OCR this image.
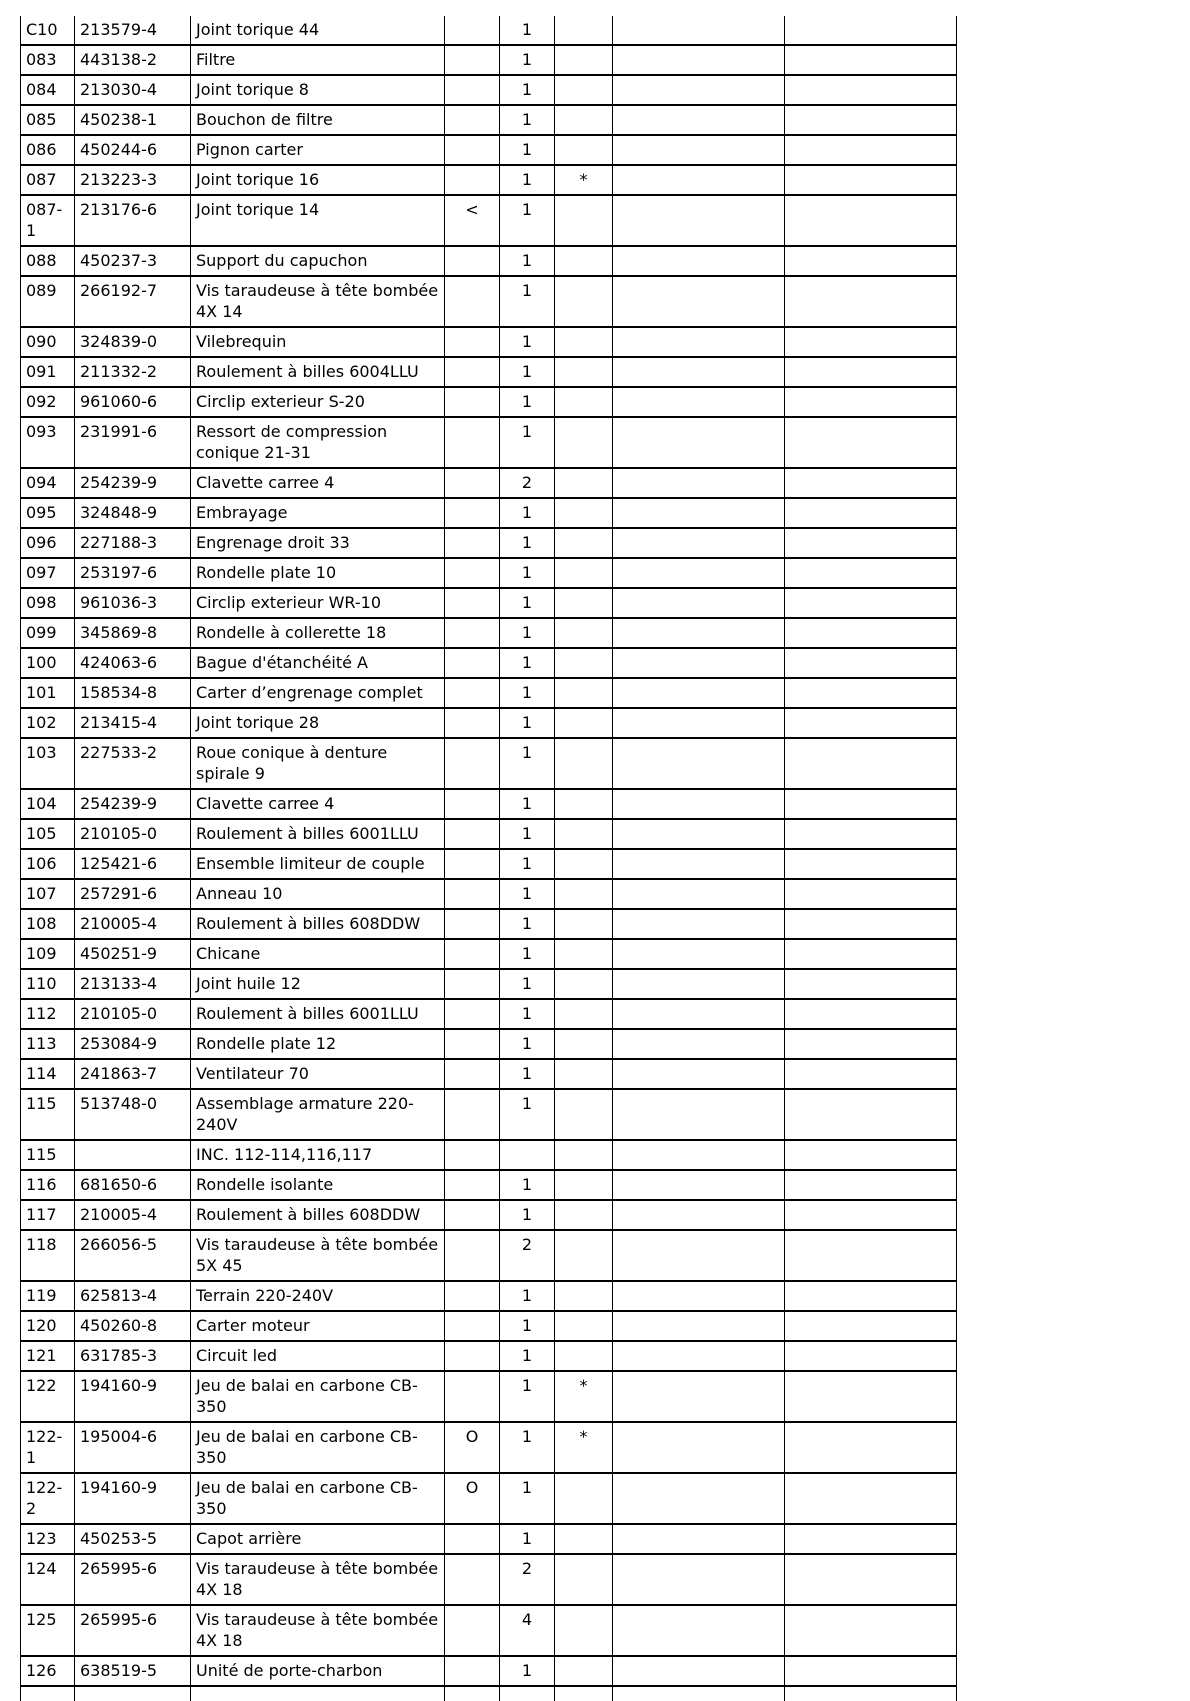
C10	213579-4	Joint torique 44		1			
083	443138-2	Filtre		1			
084	213030-4	Joint torique 8		1			
085	450238-1	Bouchon de filtre		1			
086	450244-6	Pignon carter		1			
087	213223-3	Joint torique 16		1	*		
087-1	213176-6	Joint torique 14	<	1			
088	450237-3	Support du capuchon		1			
089	266192-7	Vis taraudeuse à tête bombée 4X 14		1			
090	324839-0	Vilebrequin		1			
091	211332-2	Roulement à billes 6004LLU		1			
092	961060-6	Circlip exterieur S-20		1			
093	231991-6	Ressort de compression conique 21-31		1			
094	254239-9	Clavette carree 4		2			
095	324848-9	Embrayage		1			
096	227188-3	Engrenage droit 33		1			
097	253197-6	Rondelle plate 10		1			
098	961036-3	Circlip exterieur WR-10		1			
099	345869-8	Rondelle à collerette 18		1			
100	424063-6	Bague d'étanchéité A		1			
101	158534-8	Carter d’engrenage complet		1			
102	213415-4	Joint torique 28		1			
103	227533-2	Roue conique à denture spirale 9		1			
104	254239-9	Clavette carree 4		1			
105	210105-0	Roulement à billes 6001LLU		1			
106	125421-6	Ensemble limiteur de couple		1			
107	257291-6	Anneau 10		1			
108	210005-4	Roulement à billes 608DDW		1			
109	450251-9	Chicane		1			
110	213133-4	Joint huile 12		1			
112	210105-0	Roulement à billes 6001LLU		1			
113	253084-9	Rondelle plate 12		1			
114	241863-7	Ventilateur 70		1			
115	513748-0	Assemblage armature 220-240V		1			
115		INC. 112-114,116,117					
116	681650-6	Rondelle isolante		1			
117	210005-4	Roulement à billes 608DDW		1			
118	266056-5	Vis taraudeuse à tête bombée 5X 45		2			
119	625813-4	Terrain 220-240V		1			
120	450260-8	Carter moteur		1			
121	631785-3	Circuit led		1			
122	194160-9	Jeu de balai en carbone CB-350		1	*		
122-1	195004-6	Jeu de balai en carbone CB-350	O	1	*		
122-2	194160-9	Jeu de balai en carbone CB-350	O	1			
123	450253-5	Capot arrière		1			
124	265995-6	Vis taraudeuse à tête bombée 4X 18		2			
125	265995-6	Vis taraudeuse à tête bombée 4X 18		4			
126	638519-5	Unité de porte-charbon		1			
